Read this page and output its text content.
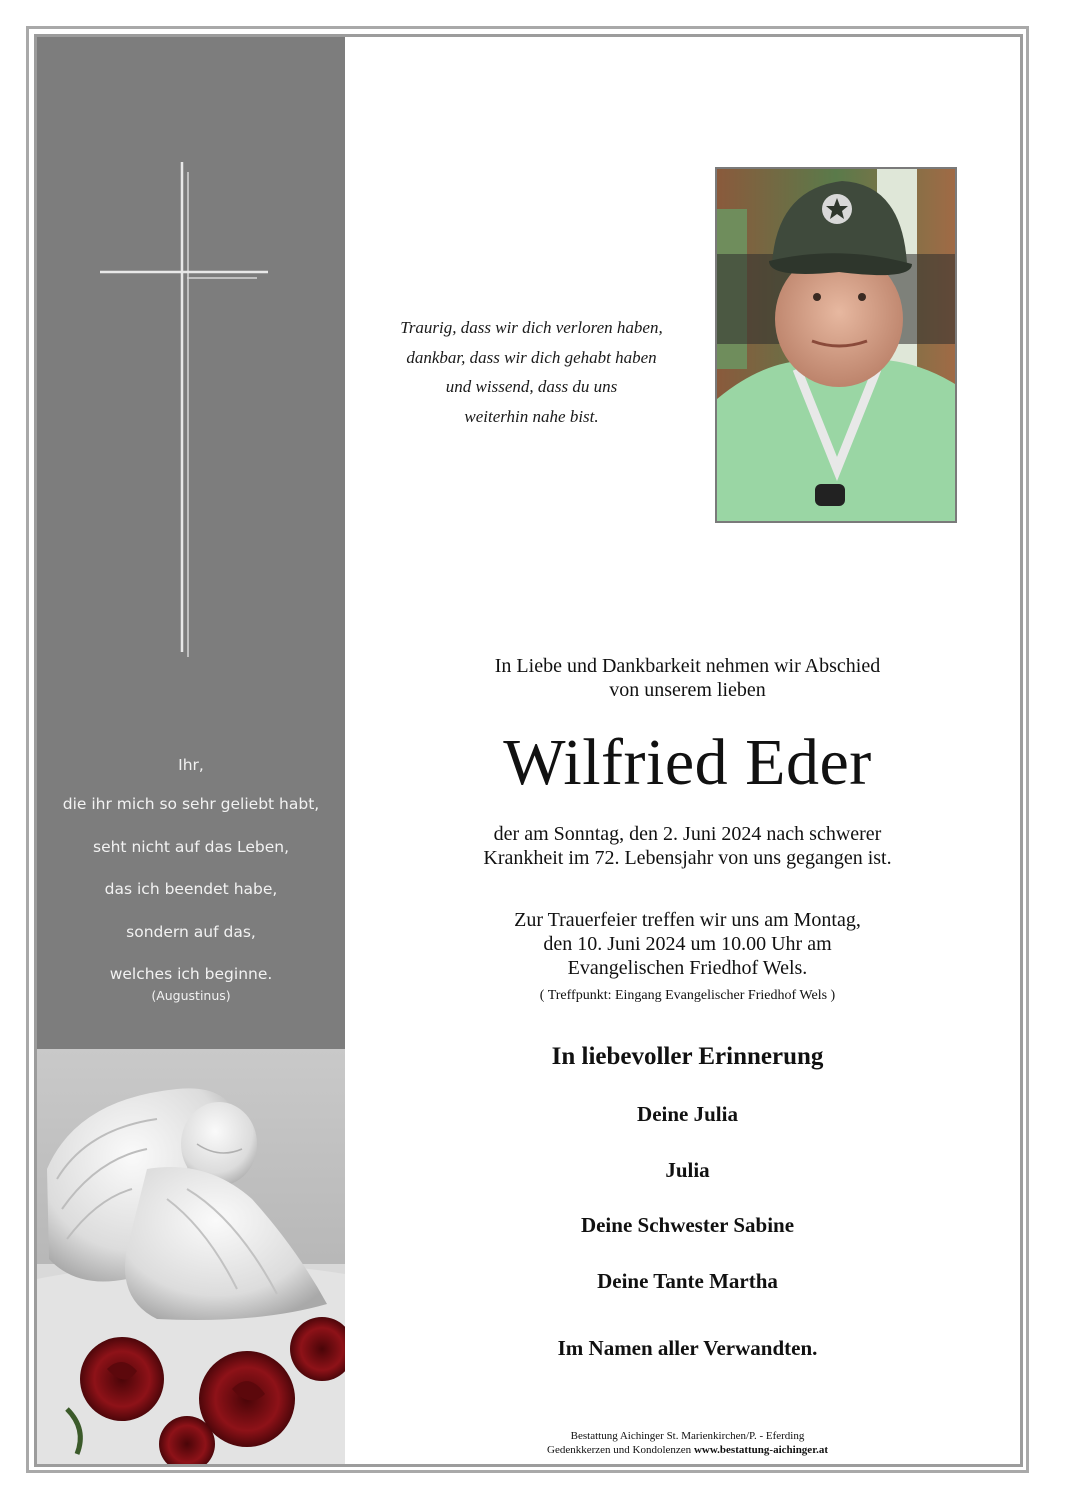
Ihr,
die ihr mich so sehr geliebt habt,
seht nicht auf das Leben,
das ich beendet habe,
sondern auf das,
welches ich beginne.
(Augustinus)
Traurig, dass wir dich verloren haben,
dankbar, dass wir dich gehabt haben
und wissend, dass du uns
weiterhin nahe bist.
In Liebe und Dankbarkeit nehmen wir Abschied
von unserem lieben
Wilfried Eder
der am Sonntag, den 2. Juni 2024 nach schwerer
Krankheit im 72. Lebensjahr von uns gegangen ist.
Zur Trauerfeier treffen wir uns am Montag,
den 10. Juni 2024 um 10.00 Uhr am
Evangelischen Friedhof Wels.
( Treffpunkt: Eingang Evangelischer Friedhof Wels )
In liebevoller Erinnerung
Deine Julia
Julia
Deine Schwester Sabine
Deine Tante Martha
Im Namen aller Verwandten.
Bestattung Aichinger St. Marienkirchen/P. - Eferding
Gedenkkerzen und Kondolenzen www.bestattung-aichinger.at
